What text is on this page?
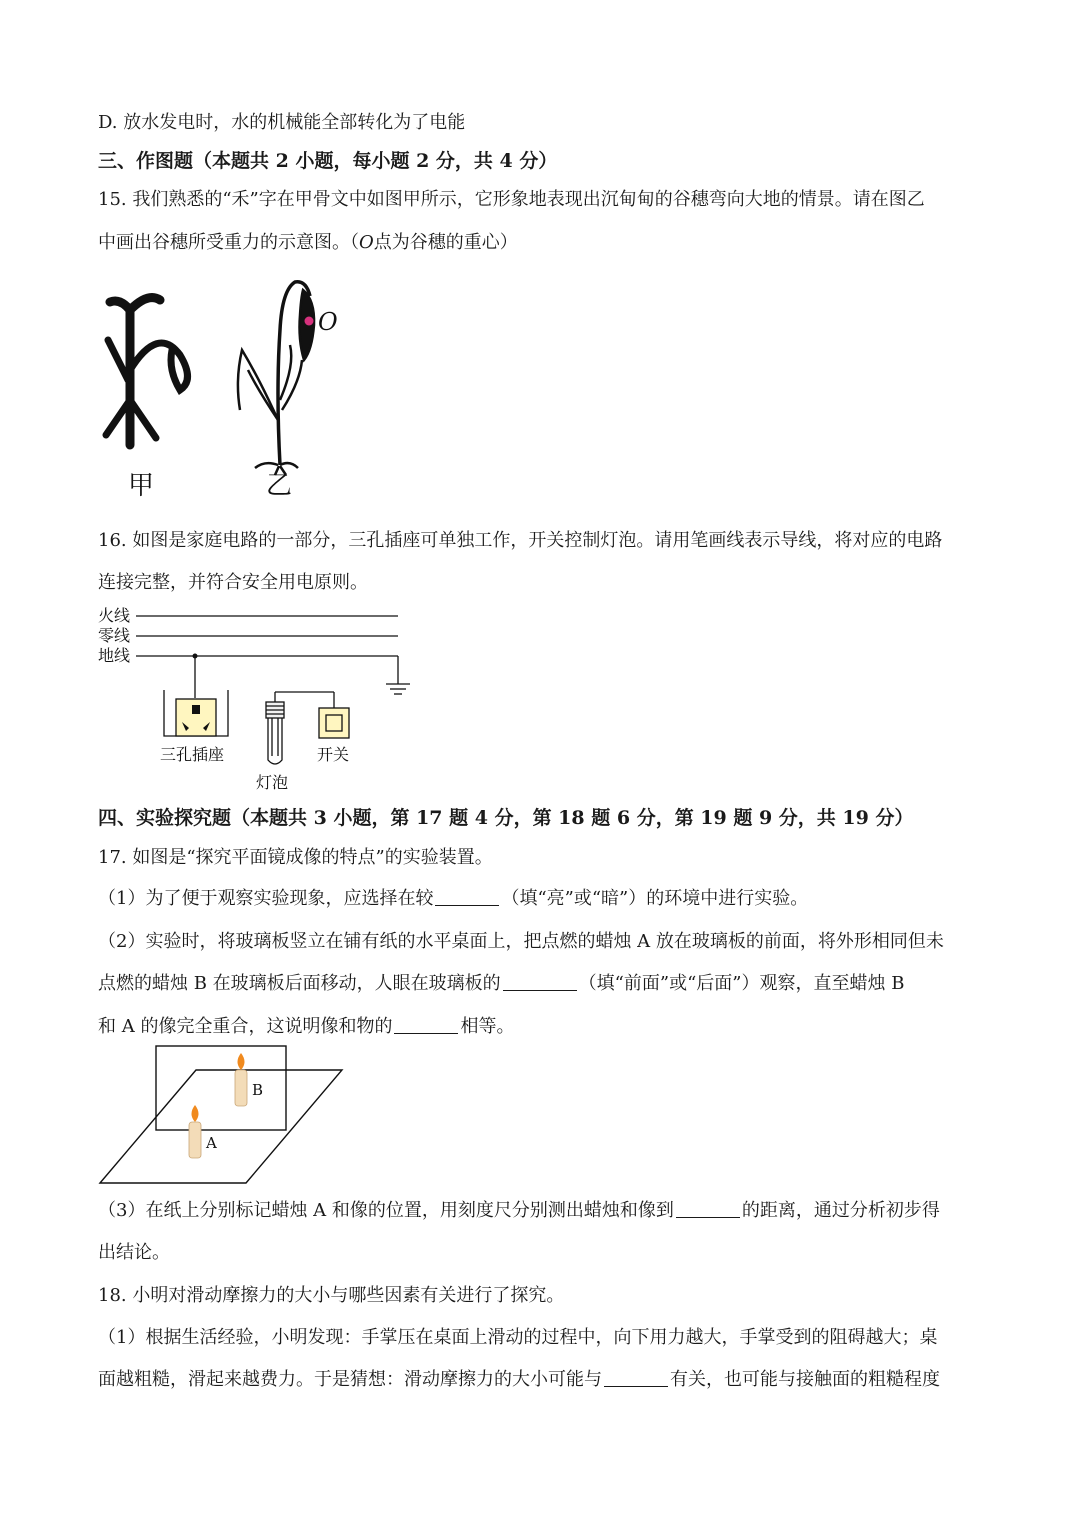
D. 放水发电时，水的机械能全部转化为了电能
三、作图题（本题共 2 小题，每小题 2 分，共 4 分）
15. 我们熟悉的“禾”字在甲骨文中如图甲所示，它形象地表现出沉甸甸的谷穗弯向大地的情景。请在图乙
中画出谷穗所受重力的示意图。（O点为谷穗的重心）
O
甲	乙
16. 如图是家庭电路的一部分，三孔插座可单独工作，开关控制灯泡。请用笔画线表示导线，将对应的电路
连接完整，并符合安全用电原则。
火线
零线
地线
三孔插座
灯泡
开关
四、实验探究题（本题共 3 小题，第 17 题 4 分，第 18 题 6 分，第 19 题 9 分，共 19 分）
17. 如图是“探究平面镜成像的特点”的实验装置。
（1）为了便于观察实验现象，应选择在较	（填“亮”或“暗”）的环境中进行实验。
（2）实验时，将玻璃板竖立在铺有纸的水平桌面上，把点燃的蜡烛 A 放在玻璃板的前面，将外形相同但未
点燃的蜡烛 B 在玻璃板后面移动，人眼在玻璃板的	（填“前面”或“后面”）观察，直至蜡烛 B
和 A 的像完全重合，这说明像和物的	相等。
B
A
（3）在纸上分别标记蜡烛 A 和像的位置，用刻度尺分别测出蜡烛和像到	的距离，通过分析初步得
出结论。
18. 小明对滑动摩擦力的大小与哪些因素有关进行了探究。
（1）根据生活经验，小明发现：手掌压在桌面上滑动的过程中，向下用力越大，手掌受到的阻碍越大；桌
面越粗糙，滑起来越费力。于是猜想：滑动摩擦力的大小可能与	有关，也可能与接触面的粗糙程度
